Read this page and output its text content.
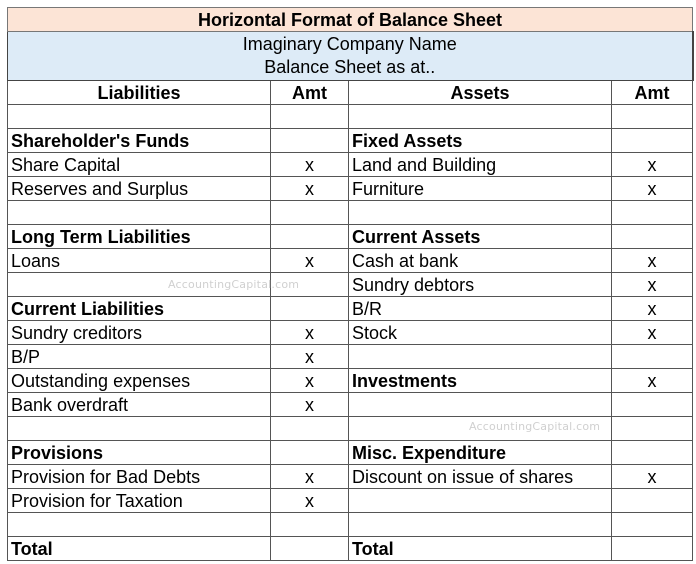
Horizontal Format of Balance Sheet			

Imaginary Company Name
Balance Sheet as at..			

Liabilities	Amt	Assets	Amt

Shareholder's Funds		Fixed Assets	
Share Capital	x	Land and Building	x
Reserves and Surplus	x	Furniture	x

Long Term Liabilities		Current Assets	
Loans	x	Cash at bank	x
		Sundry debtors	x
Current Liabilities		B/R	x
Sundry creditors	x	Stock	x
B/P	x		
Outstanding expenses	x	Investments	x
Bank overdraft	x		

Provisions		Misc. Expenditure	
Provision for Bad Debts	x	Discount on issue of shares	x
Provision for Taxation	x		

Total		Total	
AccountingCapital.com
AccountingCapital.com
